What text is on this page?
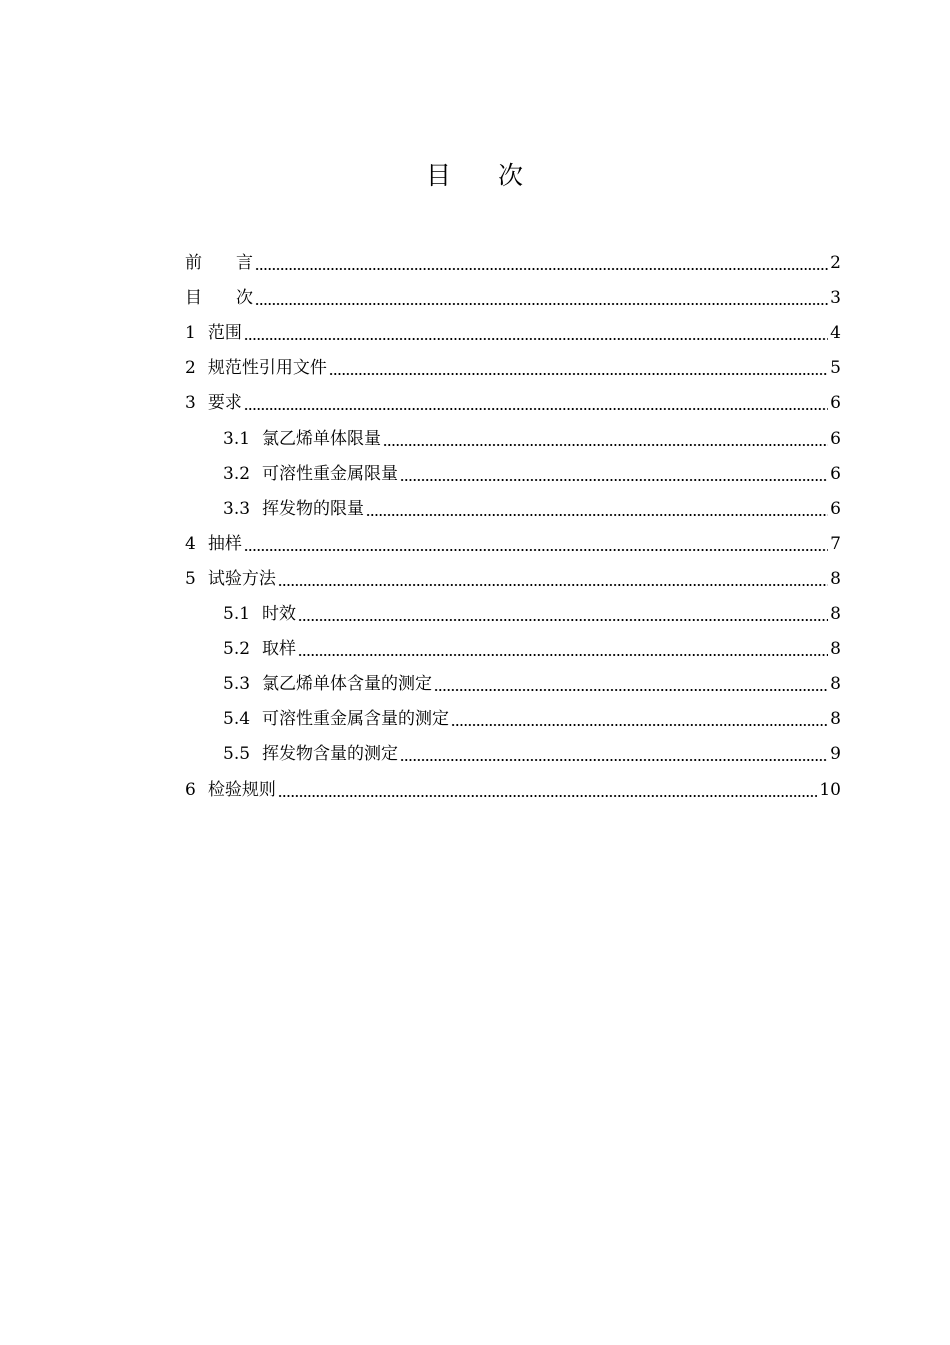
目 次
前　　言	2
目　　次	3
1 范围	4
2 规范性引用文件	5
3 要求	6
3.1 氯乙烯单体限量	6
3.2 可溶性重金属限量	6
3.3 挥发物的限量	6
4 抽样	7
5 试验方法	8
5.1 时效	8
5.2 取样	8
5.3 氯乙烯单体含量的测定	8
5.4 可溶性重金属含量的测定	8
5.5 挥发物含量的测定	9
6 检验规则	10
